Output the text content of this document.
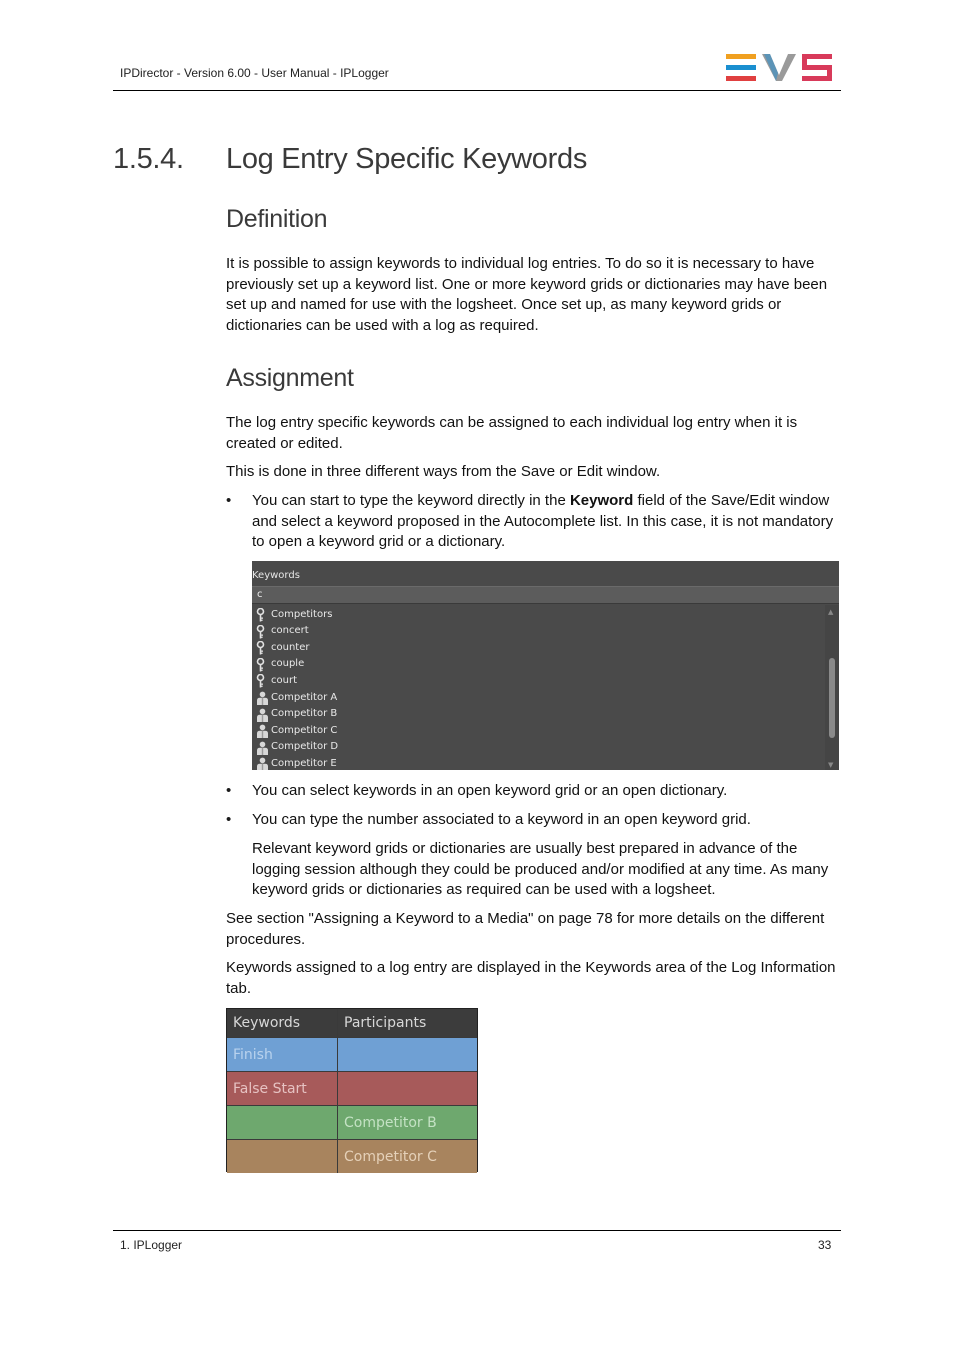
IPDirector - Version 6.00 - User Manual - IPLogger
1.5.4. Log Entry Specific Keywords
Definition
It is possible to assign keywords to individual log entries. To do so it is necessary to have previously set up a keyword list. One or more keyword grids or dictionaries may have been set up and named for use with the logsheet. Once set up, as many keyword grids or dictionaries can be used with a log as required.
Assignment
The log entry specific keywords can be assigned to each individual log entry when it is created or edited.
This is done in three different ways from the Save or Edit window.
• You can start to type the keyword directly in the Keyword field of the Save/Edit window and select a keyword proposed in the Autocomplete list. In this case, it is not mandatory to open a keyword grid or a dictionary.
Keywords
c
Competitors
concert
counter
couple
court
Competitor A
Competitor B
Competitor C
Competitor D
Competitor E
▲
▼
• You can select keywords in an open keyword grid or an open dictionary.
• You can type the number associated to a keyword in an open keyword grid.
Relevant keyword grids or dictionaries are usually best prepared in advance of the logging session although they could be produced and/or modified at any time. As many keyword grids or dictionaries as required can be used with a logsheet.
See section "Assigning a Keyword to a Media" on page 78 for more details on the different procedures.
Keywords assigned to a log entry are displayed in the Keywords area of the Log Information tab.
Keywords	Participants
Finish
False Start
Competitor B
Competitor C
1. IPLogger	33
